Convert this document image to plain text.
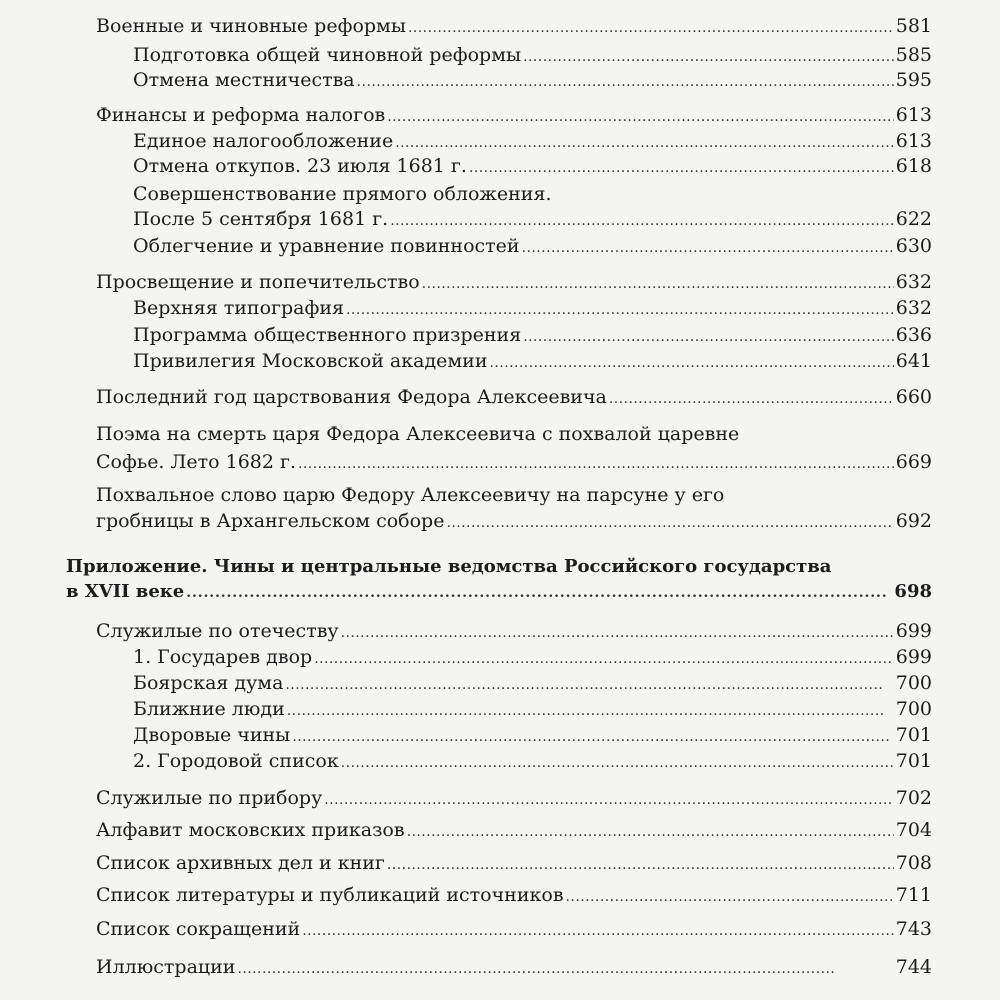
Военные и чиновные реформы . . .	581
Подготовка общей чиновной реформы . . .	585
Отмена местничества . . .	595
Финансы и реформа налогов . . .	613
Единое налогообложение . . .	613
Отмена откупов. 23 июля 1681 г. . . .	618
Совершенствование прямого обложения.
После 5 сентября 1681 г. . . .	622
Облегчение и уравнение повинностей . . .	630
Просвещение и попечительство . . .	632
Верхняя типография . . .	632
Программа общественного призрения . . .	636
Привилегия Московской академии . . .	641
Последний год царствования Федора Алексеевича . . .	660
Поэма на смерть царя Федора Алексеевича с похвалой царевне
Софье. Лето 1682 г. . . .	669
Похвальное слово царю Федору Алексеевичу на парсуне у его
гробницы в Архангельском соборе . . .	692
Приложение. Чины и центральные ведомства Российского государства
в XVII веке . . .	698
Служилые по отечеству . . .	699
1. Государев двор . . .	699
Боярская дума . . .	700
Ближние люди . . .	700
Дворовые чины . . .	701
2. Городовой список . . .	701
Служилые по прибору . . .	702
Алфавит московских приказов . . .	704
Список архивных дел и книг . . .	708
Список литературы и публикаций источников . . .	711
Список сокращений . . .	743
Иллюстрации . . .	744
